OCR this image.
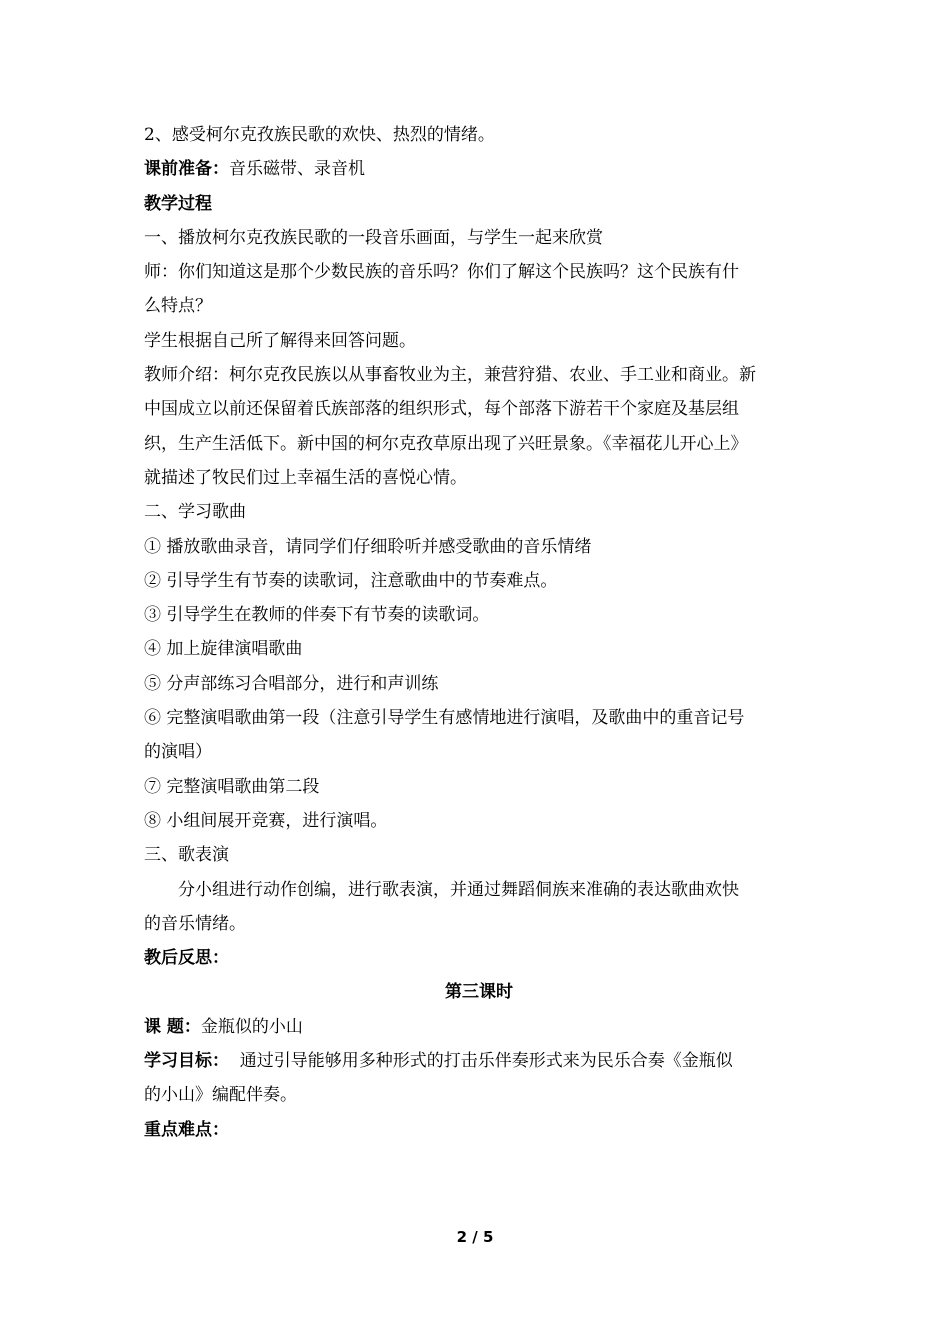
2、感受柯尔克孜族民歌的欢快、热烈的情绪。
课前准备：音乐磁带、录音机
教学过程
一、播放柯尔克孜族民歌的一段音乐画面，与学生一起来欣赏
师：你们知道这是那个少数民族的音乐吗？你们了解这个民族吗？这个民族有什
么特点？
学生根据自己所了解得来回答问题。
教师介绍：柯尔克孜民族以从事畜牧业为主，兼营狩猎、农业、手工业和商业。新
中国成立以前还保留着氏族部落的组织形式，每个部落下游若干个家庭及基层组
织，生产生活低下。新中国的柯尔克孜草原出现了兴旺景象。《幸福花儿开心上》
就描述了牧民们过上幸福生活的喜悦心情。
二、学习歌曲
① 播放歌曲录音，请同学们仔细聆听并感受歌曲的音乐情绪
② 引导学生有节奏的读歌词，注意歌曲中的节奏难点。
③ 引导学生在教师的伴奏下有节奏的读歌词。
④ 加上旋律演唱歌曲
⑤ 分声部练习合唱部分，进行和声训练
⑥ 完整演唱歌曲第一段（注意引导学生有感情地进行演唱，及歌曲中的重音记号
的演唱）
⑦ 完整演唱歌曲第二段
⑧ 小组间展开竞赛，进行演唱。
三、歌表演
分小组进行动作创编，进行歌表演，并通过舞蹈侗族来准确的表达歌曲欢快
的音乐情绪。
教后反思：
第三课时
课 题：金瓶似的小山
学习目标：  通过引导能够用多种形式的打击乐伴奏形式来为民乐合奏《金瓶似
的小山》编配伴奏。
重点难点：
2 / 5
